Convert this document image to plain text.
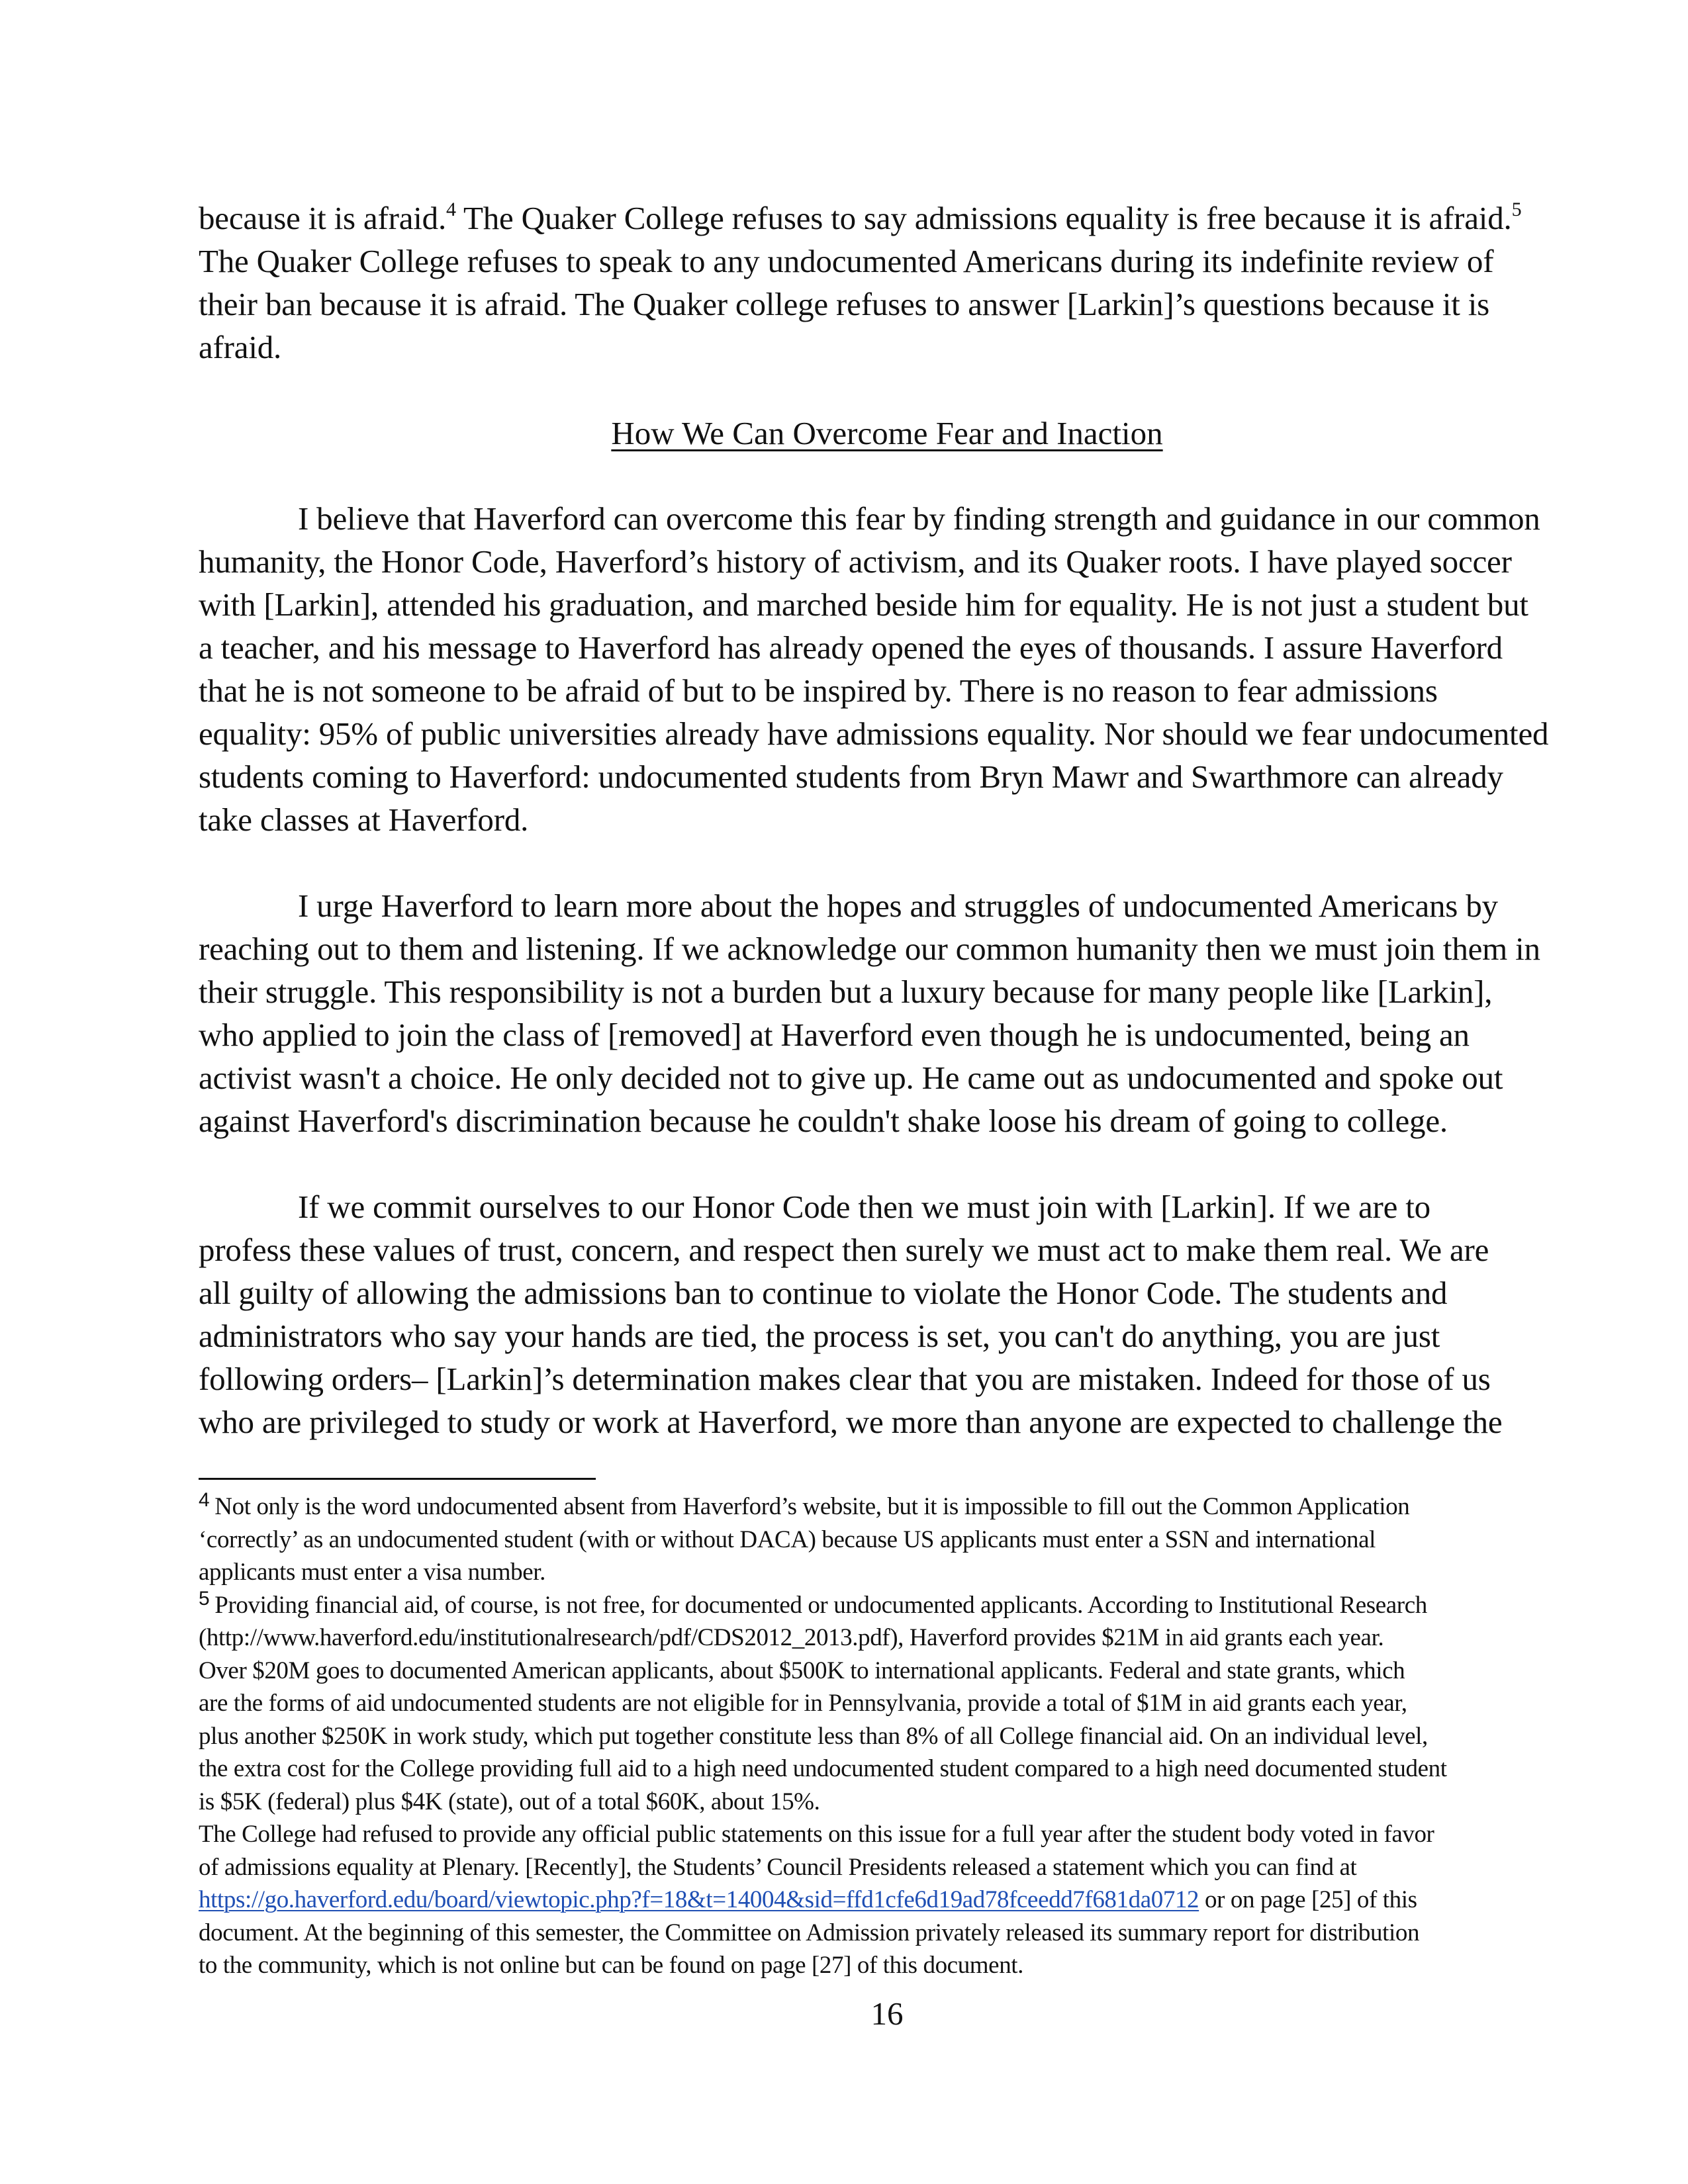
because it is afraid.$^4$ The Quaker College refuses to say admissions equality is free because it is afraid.$^5$
The Quaker College refuses to speak to any undocumented Americans during its indefinite review of
their ban because it is afraid. The Quaker college refuses to answer [Larkin]’s questions because it is
afraid.
How We Can Overcome Fear and Inaction
I believe that Haverford can overcome this fear by finding strength and guidance in our common
humanity, the Honor Code, Haverford’s history of activism, and its Quaker roots. I have played soccer
with [Larkin], attended his graduation, and marched beside him for equality. He is not just a student but
a teacher, and his message to Haverford has already opened the eyes of thousands. I assure Haverford
that he is not someone to be afraid of but to be inspired by. There is no reason to fear admissions
equality: 95% of public universities already have admissions equality. Nor should we fear undocumented
students coming to Haverford: undocumented students from Bryn Mawr and Swarthmore can already
take classes at Haverford.
I urge Haverford to learn more about the hopes and struggles of undocumented Americans by
reaching out to them and listening. If we acknowledge our common humanity then we must join them in
their struggle. This responsibility is not a burden but a luxury because for many people like [Larkin],
who applied to join the class of [removed] at Haverford even though he is undocumented, being an
activist wasn't a choice. He only decided not to give up. He came out as undocumented and spoke out
against Haverford's discrimination because he couldn't shake loose his dream of going to college.
If we commit ourselves to our Honor Code then we must join with [Larkin]. If we are to
profess these values of trust, concern, and respect then surely we must act to make them real. We are
all guilty of allowing the admissions ban to continue to violate the Honor Code. The students and
administrators who say your hands are tied, the process is set, you can't do anything, you are just
following orders– [Larkin]’s determination makes clear that you are mistaken. Indeed for those of us
who are privileged to study or work at Haverford, we more than anyone are expected to challenge the
$^4$ Not only is the word undocumented absent from Haverford’s website, but it is impossible to fill out the Common Application
‘correctly’ as an undocumented student (with or without DACA) because US applicants must enter a SSN and international
applicants must enter a visa number.
$^5$ Providing financial aid, of course, is not free, for documented or undocumented applicants. According to Institutional Research
(http://www.haverford.edu/institutionalresearch/pdf/CDS2012_2013.pdf), Haverford provides $21M in aid grants each year.
Over $20M goes to documented American applicants, about $500K to international applicants. Federal and state grants, which
are the forms of aid undocumented students are not eligible for in Pennsylvania, provide a total of $1M in aid grants each year,
plus another $250K in work study, which put together constitute less than 8% of all College financial aid. On an individual level,
the extra cost for the College providing full aid to a high need undocumented student compared to a high need documented student
is $5K (federal) plus $4K (state), out of a total $60K, about 15%.
The College had refused to provide any official public statements on this issue for a full year after the student body voted in favor
of admissions equality at Plenary. [Recently], the Students’ Council Presidents released a statement which you can find at
https://go.haverford.edu/board/viewtopic.php?f=18&t=14004&sid=ffd1cfe6d19ad78fceedd7f681da0712 or on page [25] of this
document. At the beginning of this semester, the Committee on Admission privately released its summary report for distribution
to the community, which is not online but can be found on page [27] of this document.
16
